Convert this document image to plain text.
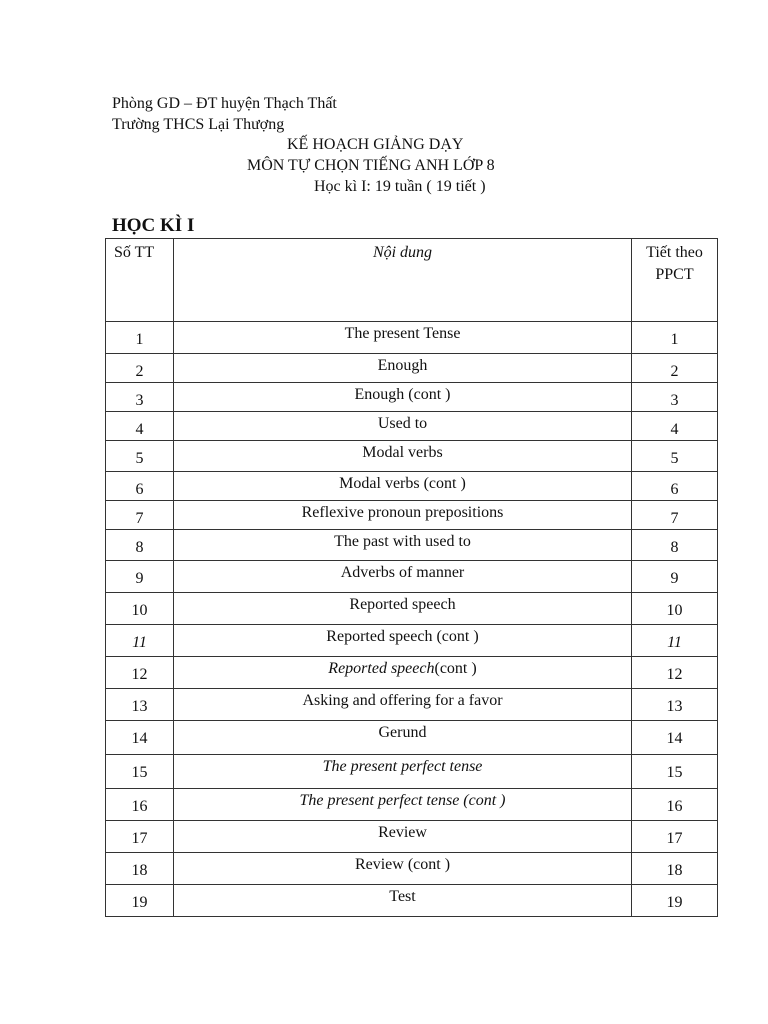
Phòng GD – ĐT huyện Thạch Thất
Trường THCS Lại Thượng
KẾ HOẠCH GIẢNG DẠY
MÔN TỰ CHỌN TIẾNG ANH LỚP 8
Học kì I: 19 tuần ( 19 tiết )
HỌC KÌ I
Số TT	Nội dung	Tiết theo PPCT
1	The present Tense	1
2	Enough	2
3	Enough (cont )	3
4	Used to	4
5	Modal verbs	5
6	Modal verbs (cont )	6
7	Reflexive pronoun prepositions	7
8	The past with used to	8
9	Adverbs of manner	9
10	Reported speech	10
11	Reported speech (cont )	11
12	Reported speech(cont )	12
13	Asking and offering for a favor	13
14	Gerund	14
15	The present perfect tense	15
16	The present perfect tense (cont )	16
17	Review	17
18	Review (cont )	18
19	Test	19
